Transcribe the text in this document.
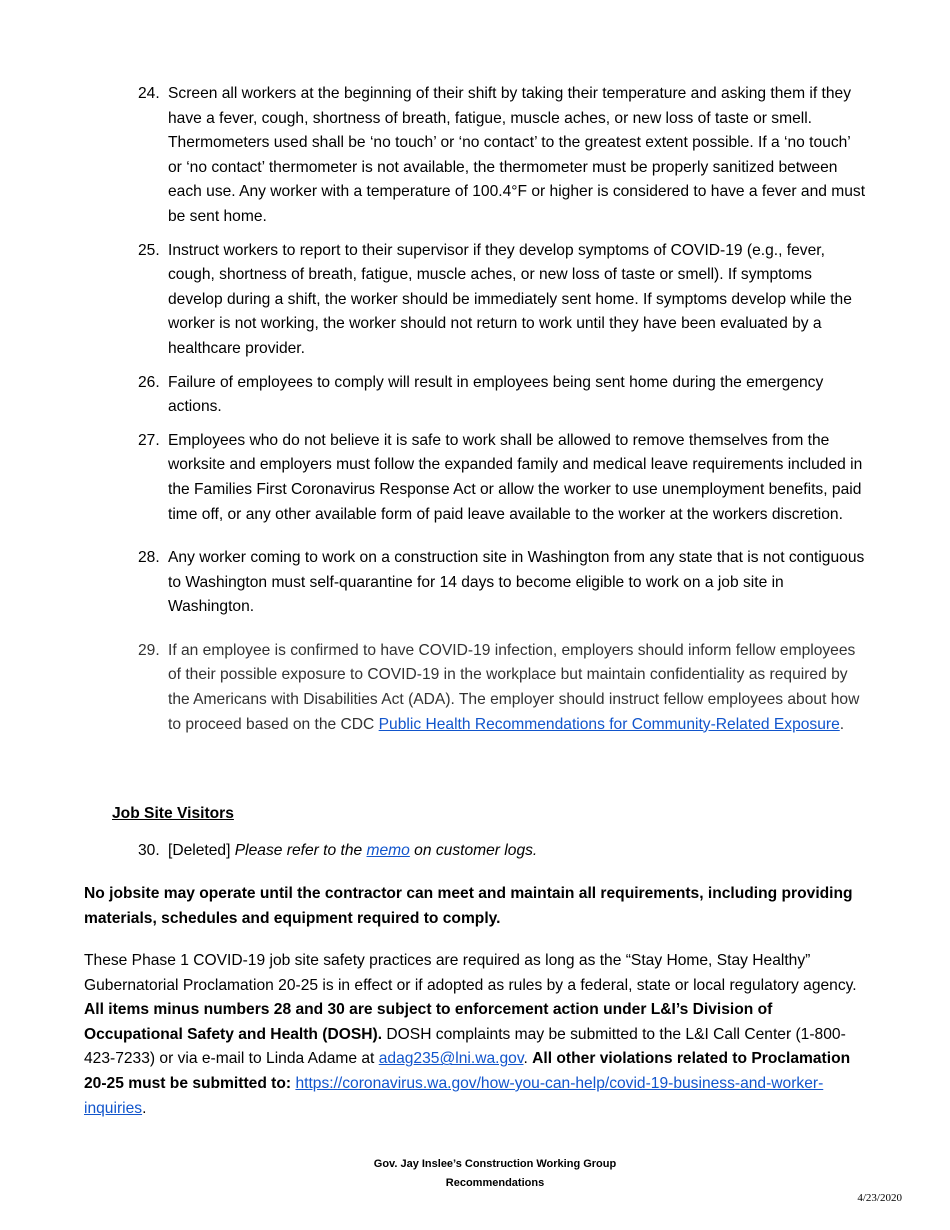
24. Screen all workers at the beginning of their shift by taking their temperature and asking them if they have a fever, cough, shortness of breath, fatigue, muscle aches, or new loss of taste or smell. Thermometers used shall be ‘no touch’ or ‘no contact’ to the greatest extent possible. If a ‘no touch’ or ‘no contact’ thermometer is not available, the thermometer must be properly sanitized between each use. Any worker with a temperature of 100.4°F or higher is considered to have a fever and must be sent home.
25. Instruct workers to report to their supervisor if they develop symptoms of COVID-19 (e.g., fever, cough, shortness of breath, fatigue, muscle aches, or new loss of taste or smell). If symptoms develop during a shift, the worker should be immediately sent home. If symptoms develop while the worker is not working, the worker should not return to work until they have been evaluated by a healthcare provider.
26. Failure of employees to comply will result in employees being sent home during the emergency actions.
27. Employees who do not believe it is safe to work shall be allowed to remove themselves from the worksite and employers must follow the expanded family and medical leave requirements included in the Families First Coronavirus Response Act or allow the worker to use unemployment benefits, paid time off, or any other available form of paid leave available to the worker at the workers discretion.
28. Any worker coming to work on a construction site in Washington from any state that is not contiguous to Washington must self-quarantine for 14 days to become eligible to work on a job site in Washington.
29. If an employee is confirmed to have COVID-19 infection, employers should inform fellow employees of their possible exposure to COVID-19 in the workplace but maintain confidentiality as required by the Americans with Disabilities Act (ADA). The employer should instruct fellow employees about how to proceed based on the CDC Public Health Recommendations for Community-Related Exposure.
Job Site Visitors
30. [Deleted] Please refer to the memo on customer logs.
No jobsite may operate until the contractor can meet and maintain all requirements, including providing materials, schedules and equipment required to comply.
These Phase 1 COVID-19 job site safety practices are required as long as the “Stay Home, Stay Healthy” Gubernatorial Proclamation 20-25 is in effect or if adopted as rules by a federal, state or local regulatory agency. All items minus numbers 28 and 30 are subject to enforcement action under L&I’s Division of Occupational Safety and Health (DOSH). DOSH complaints may be submitted to the L&I Call Center (1-800-423-7233) or via e-mail to Linda Adame at adag235@lni.wa.gov. All other violations related to Proclamation 20-25 must be submitted to: https://coronavirus.wa.gov/how-you-can-help/covid-19-business-and-worker-inquiries.
Gov. Jay Inslee’s Construction Working Group
Recommendations
4/23/2020
